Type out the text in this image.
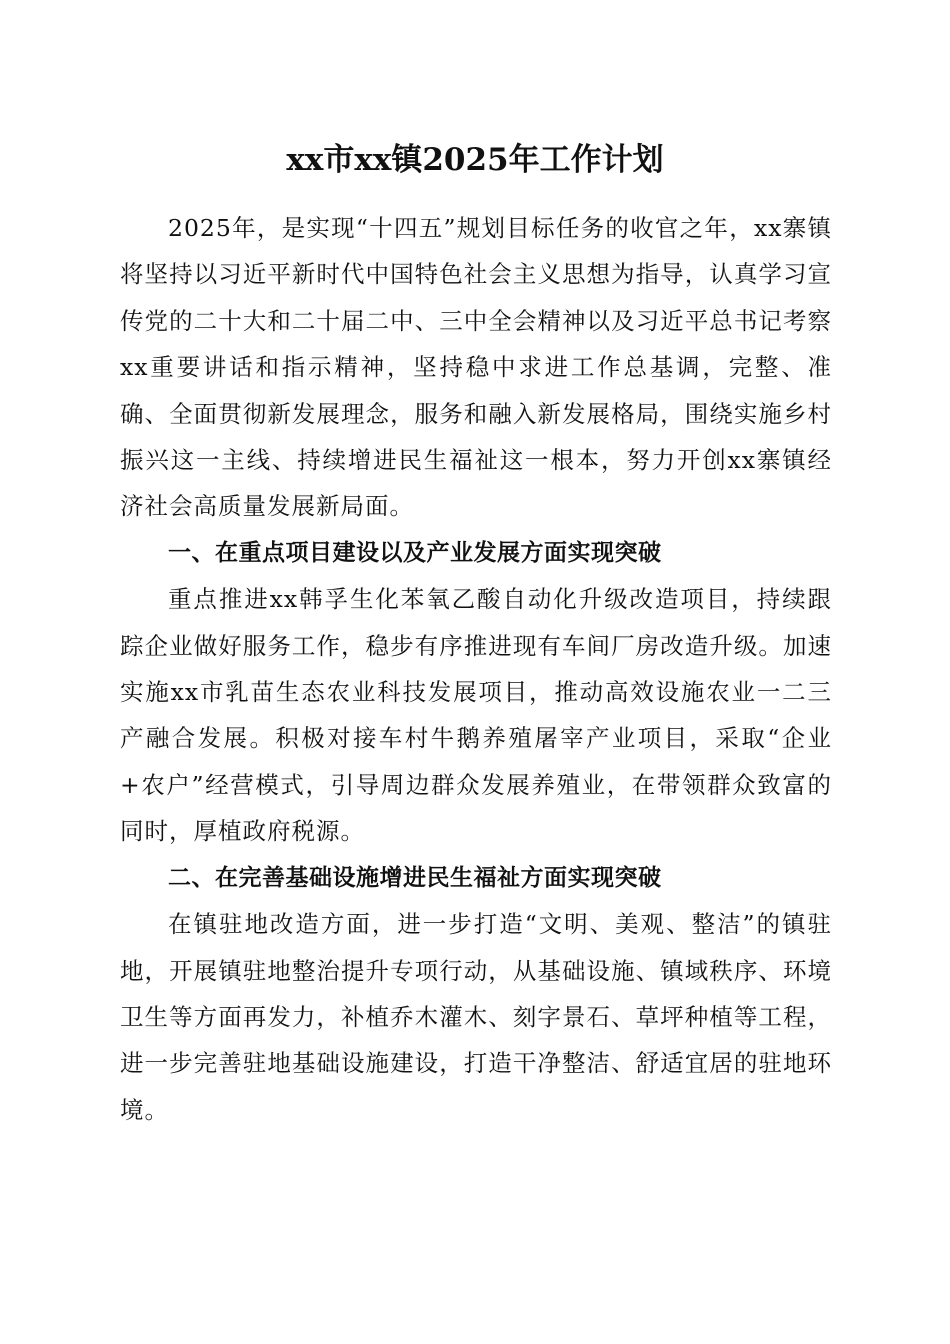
xx市xx镇2025年工作计划

2025年，是实现“十四五”规划目标任务的收官之年，xx寨镇将坚持以习近平新时代中国特色社会主义思想为指导，认真学习宣传党的二十大和二十届二中、三中全会精神以及习近平总书记考察xx重要讲话和指示精神，坚持稳中求进工作总基调，完整、准确、全面贯彻新发展理念，服务和融入新发展格局，围绕实施乡村振兴这一主线、持续增进民生福祉这一根本，努力开创xx寨镇经济社会高质量发展新局面。

一、在重点项目建设以及产业发展方面实现突破

重点推进xx韩孚生化苯氧乙酸自动化升级改造项目，持续跟踪企业做好服务工作，稳步有序推进现有车间厂房改造升级。加速实施xx市乳苗生态农业科技发展项目，推动高效设施农业一二三产融合发展。积极对接车村牛鹅养殖屠宰产业项目，采取“企业+农户”经营模式，引导周边群众发展养殖业，在带领群众致富的同时，厚植政府税源。

二、在完善基础设施增进民生福祉方面实现突破

在镇驻地改造方面，进一步打造“文明、美观、整洁”的镇驻地，开展镇驻地整治提升专项行动，从基础设施、镇域秩序、环境卫生等方面再发力，补植乔木灌木、刻字景石、草坪种植等工程，进一步完善驻地基础设施建设，打造干净整洁、舒适宜居的驻地环境。
